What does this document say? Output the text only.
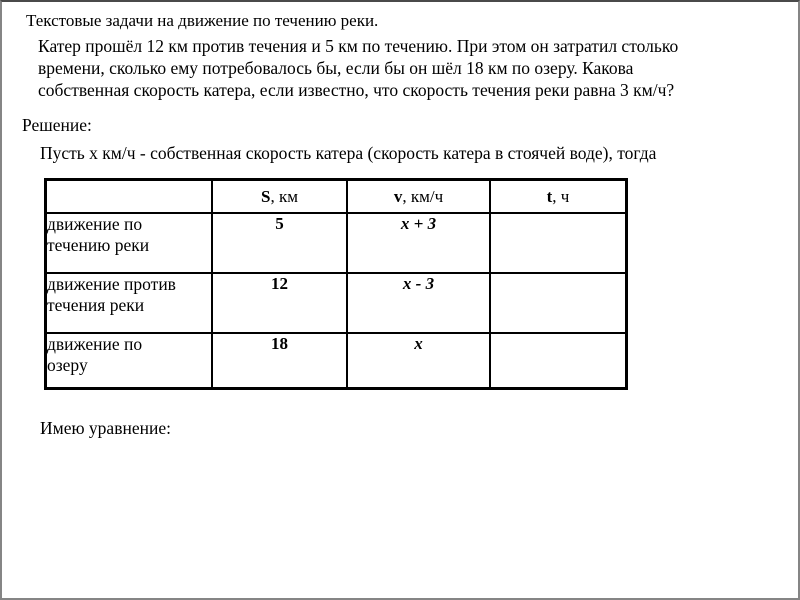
Текстовые задачи на движение по течению реки.
Катер прошёл 12 км против течения и 5 км по течению. При этом он затратил столько
времени, сколько ему потребовалось бы, если бы он шёл 18 км по озеру. Какова
собственная скорость катера, если известно, что скорость течения реки равна 3 км/ч?
Решение:
Пусть x км/ч - собственная скорость катера (скорость катера в стоячей воде), тогда
	S, км	v, км/ч	t, ч

движение по
течению реки	5	x + 3	

движение против
течения реки	12	x - 3	

движение по
озеру	18	x	
Имею уравнение:
